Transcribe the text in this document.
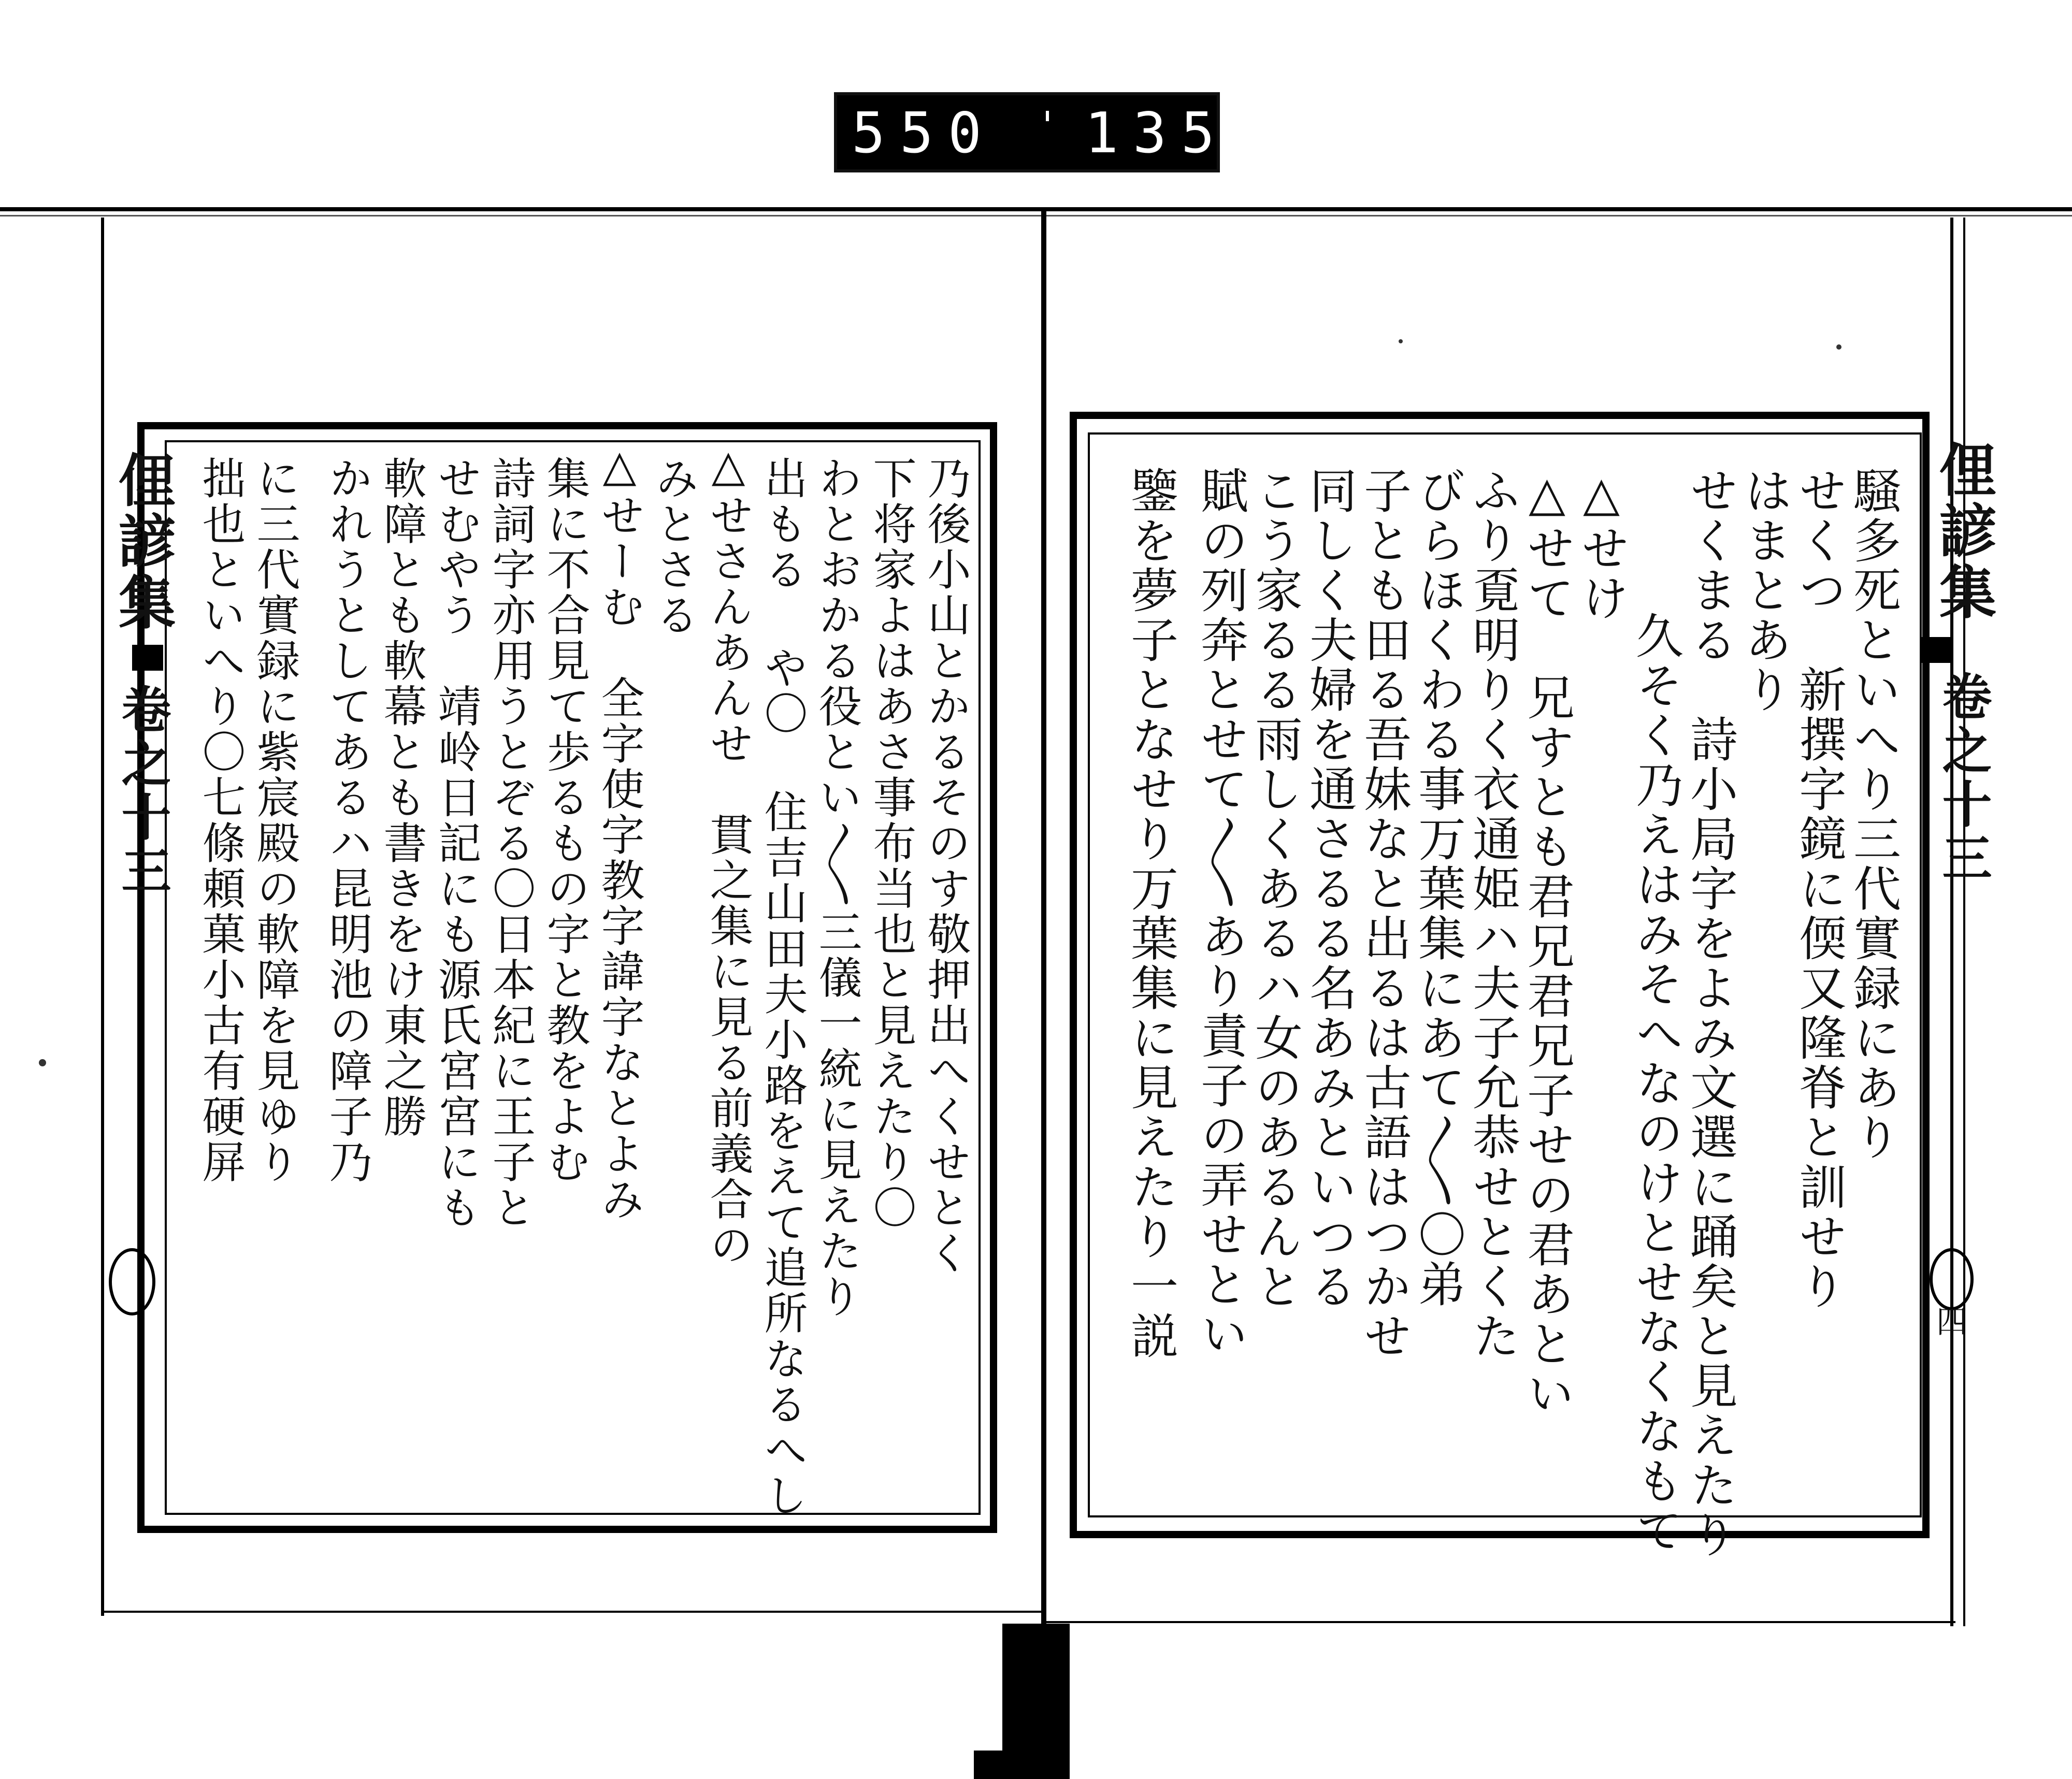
550 135
俚諺集
卷之十三
俚諺集
卷之十三
四
騒多死といへり三代實録にあり
せくつ　新撰字鏡に偄又隆脊と訓せり
はまとあり
せくまる　詩小局字をよみ文選に踊矣と見えたり
久そく乃えはみそへなのけとせなくなもて
△せけ
△せて　兄すとも君兄君兄子せの君あとい
ふり覔明りく衣通姫ハ夫子允恭せとくた
びらほくわる事万葉集にあて〳〵〇弟
子とも田る吾妹なと出るは古語はつかせ
同しく夫婦を通さるる名あみといつる
こう家るる雨しくあるハ女のあるんと
賦の列奔とせて〳〵あり責子の弄せとい
鑒を夢子となせり万葉集に見えたり一説
乃後小山とかるそのす敬押出へくせとく
下将家よはあさ事布当也と見えたり〇
わとおかる役とい〳〵三儀一統に見えたり
出もる や〇 住吉山田夫小路をえて追所なるへし
△せさんあんせ　貫之集に見る前義合の
みとさる
△せーむ　全字使字教字諱字なとよみ
集に不合見て歩るもの字と教をよむ
詩詞字亦用うとぞる〇日本紀に王子と
せむやう　靖岭日記にも源氏宮宮にも
軟障とも軟幕とも書きをけ東之勝
かれうとしてあるハ昆明池の障子乃
に三代實録に紫宸殿の軟障を見ゆり
拙也といへり〇七條頼菓小古有硬屏
